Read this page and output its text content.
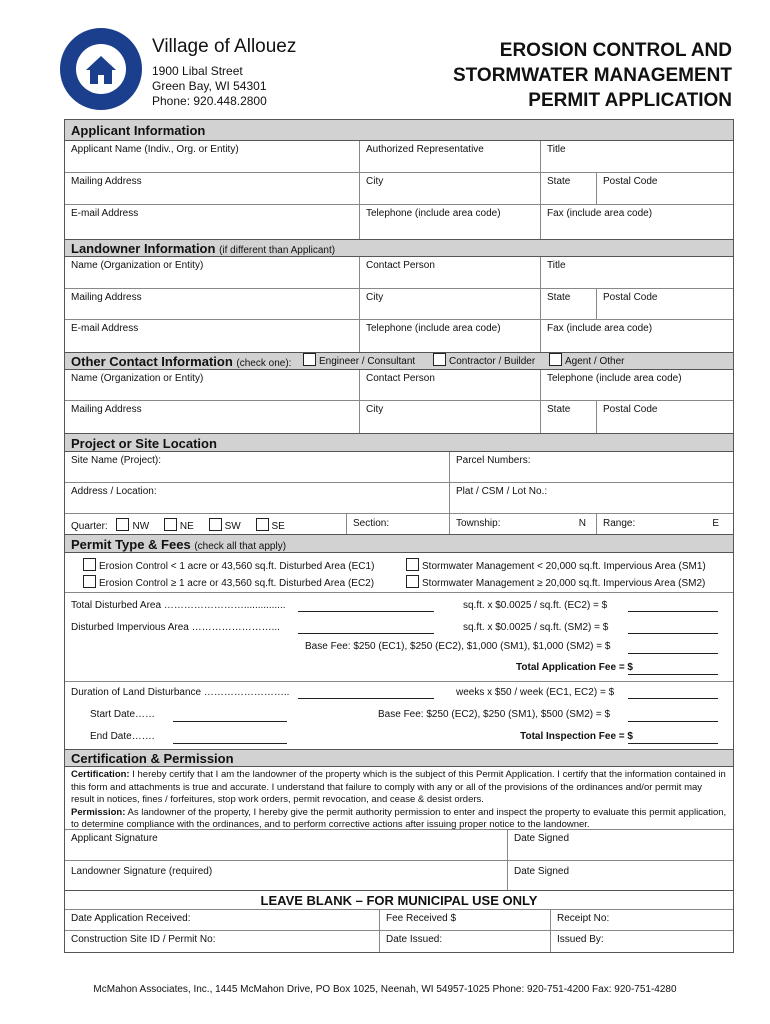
Village of Allouez
1900 Libal Street
Green Bay, WI 54301
Phone: 920.448.2800
EROSION CONTROL AND
STORMWATER MANAGEMENT
PERMIT APPLICATION
Applicant Information
Applicant Name (Indiv., Org. or Entity)	Authorized Representative	Title
Mailing Address	City	State	Postal Code
E-mail Address	Telephone (include area code)	Fax (include area code)
Landowner Information (if different than Applicant)
Name (Organization or Entity)	Contact Person	Title
Mailing Address	City	State	Postal Code
E-mail Address	Telephone (include area code)	Fax (include area code)
Other Contact Information (check one):	Engineer / Consultant	Contractor / Builder	Agent / Other
Name (Organization or Entity)	Contact Person	Telephone (include area code)
Mailing Address	City	State	Postal Code
Project or Site Location
Site Name (Project):	Parcel Numbers:
Address / Location:	Plat / CSM / Lot No.:
Quarter: NW	NE	SW	SE	Section:	Township:	N	Range:	E
Permit Type & Fees (check all that apply)
Erosion Control < 1 acre or 43,560 sq.ft. Disturbed Area (EC1)
Erosion Control ≥ 1 acre or 43,560 sq.ft. Disturbed Area (EC2)
Stormwater Management < 20,000 sq.ft. Impervious Area (SM1)
Stormwater Management ≥ 20,000 sq.ft. Impervious Area (SM2)
Total Disturbed Area ……………………...............	sq.ft. x $0.0025 / sq.ft. (EC2) = $
Disturbed Impervious Area ……………………...	sq.ft. x $0.0025 / sq.ft. (SM2) = $
Base Fee: $250 (EC1), $250 (EC2), $1,000 (SM1), $1,000 (SM2) = $
Total Application Fee = $
Duration of Land Disturbance ……………………..	weeks x $50 / week (EC1, EC2) = $
Start Date……	Base Fee: $250 (EC2), $250 (SM1), $500 (SM2) = $
End Date…….	Total Inspection Fee = $
Certification & Permission
Certification: I hereby certify that I am the landowner of the property which is the subject of this Permit Application. I certify that the information contained in this form and attachments is true and accurate. I understand that failure to comply with any or all of the provisions of the ordinances and/or permit may result in notices, fines / forfeitures, stop work orders, permit revocation, and cease & desist orders.
Permission: As landowner of the property, I hereby give the permit authority permission to enter and inspect the property to evaluate this permit application, to determine compliance with the ordinances, and to perform corrective actions after issuing proper notice to the landowner.
Applicant Signature	Date Signed
Landowner Signature (required)	Date Signed
LEAVE BLANK – FOR MUNICIPAL USE ONLY
Date Application Received:	Fee Received $	Receipt No:
Construction Site ID / Permit No:	Date Issued:	Issued By:
McMahon Associates, Inc., 1445 McMahon Drive, PO Box 1025, Neenah, WI 54957-1025 Phone: 920-751-4200 Fax: 920-751-4280
